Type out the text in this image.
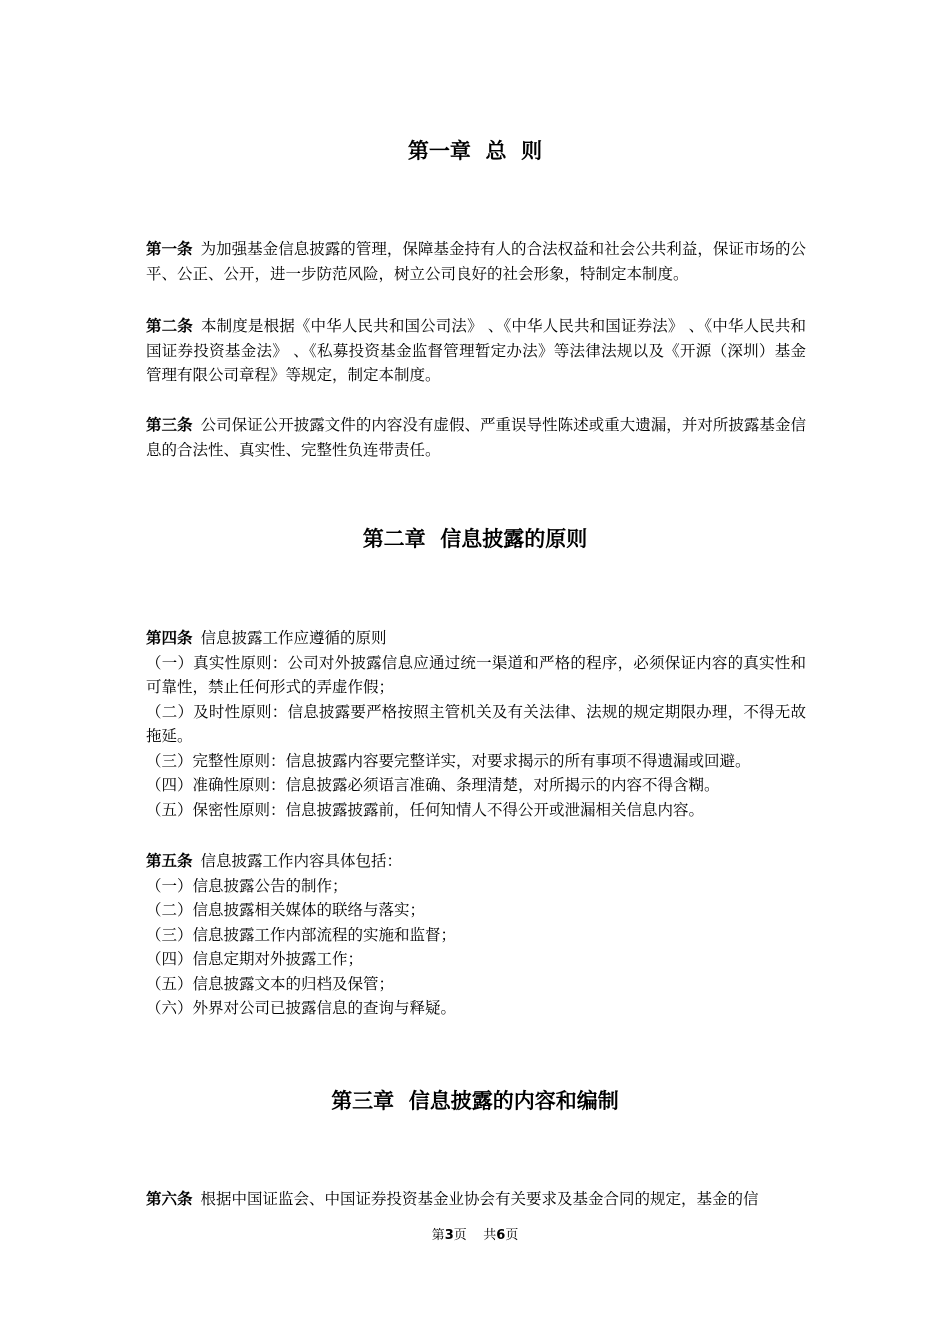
第一章  总  则
第一条 为加强基金信息披露的管理，保障基金持有人的合法权益和社会公共利益，保证市场的公平、公正、公开，进一步防范风险，树立公司良好的社会形象，特制定本制度。
第二条 本制度是根据《中华人民共和国公司法》 、《中华人民共和国证券法》 、《中华人民共和国证券投资基金法》 、《私募投资基金监督管理暂定办法》等法律法规以及《开源（深圳）基金管理有限公司章程》等规定，制定本制度。
第三条 公司保证公开披露文件的内容没有虚假、严重误导性陈述或重大遗漏，并对所披露基金信息的合法性、真实性、完整性负连带责任。
第二章  信息披露的原则
第四条 信息披露工作应遵循的原则
（一）真实性原则：公司对外披露信息应通过统一渠道和严格的程序，必须保证内容的真实性和可靠性，禁止任何形式的弄虚作假；
（二）及时性原则：信息披露要严格按照主管机关及有关法律、法规的规定期限办理，不得无故拖延。
（三）完整性原则：信息披露内容要完整详实，对要求揭示的所有事项不得遗漏或回避。
（四）准确性原则：信息披露必须语言准确、条理清楚，对所揭示的内容不得含糊。
（五）保密性原则：信息披露披露前，任何知情人不得公开或泄漏相关信息内容。
第五条 信息披露工作内容具体包括：
（一）信息披露公告的制作；
（二）信息披露相关媒体的联络与落实；
（三）信息披露工作内部流程的实施和监督；
（四）信息定期对外披露工作；
（五）信息披露文本的归档及保管；
（六）外界对公司已披露信息的查询与释疑。
第三章  信息披露的内容和编制
第六条 根据中国证监会、中国证券投资基金业协会有关要求及基金合同的规定，基金的信
第3页    共6页
